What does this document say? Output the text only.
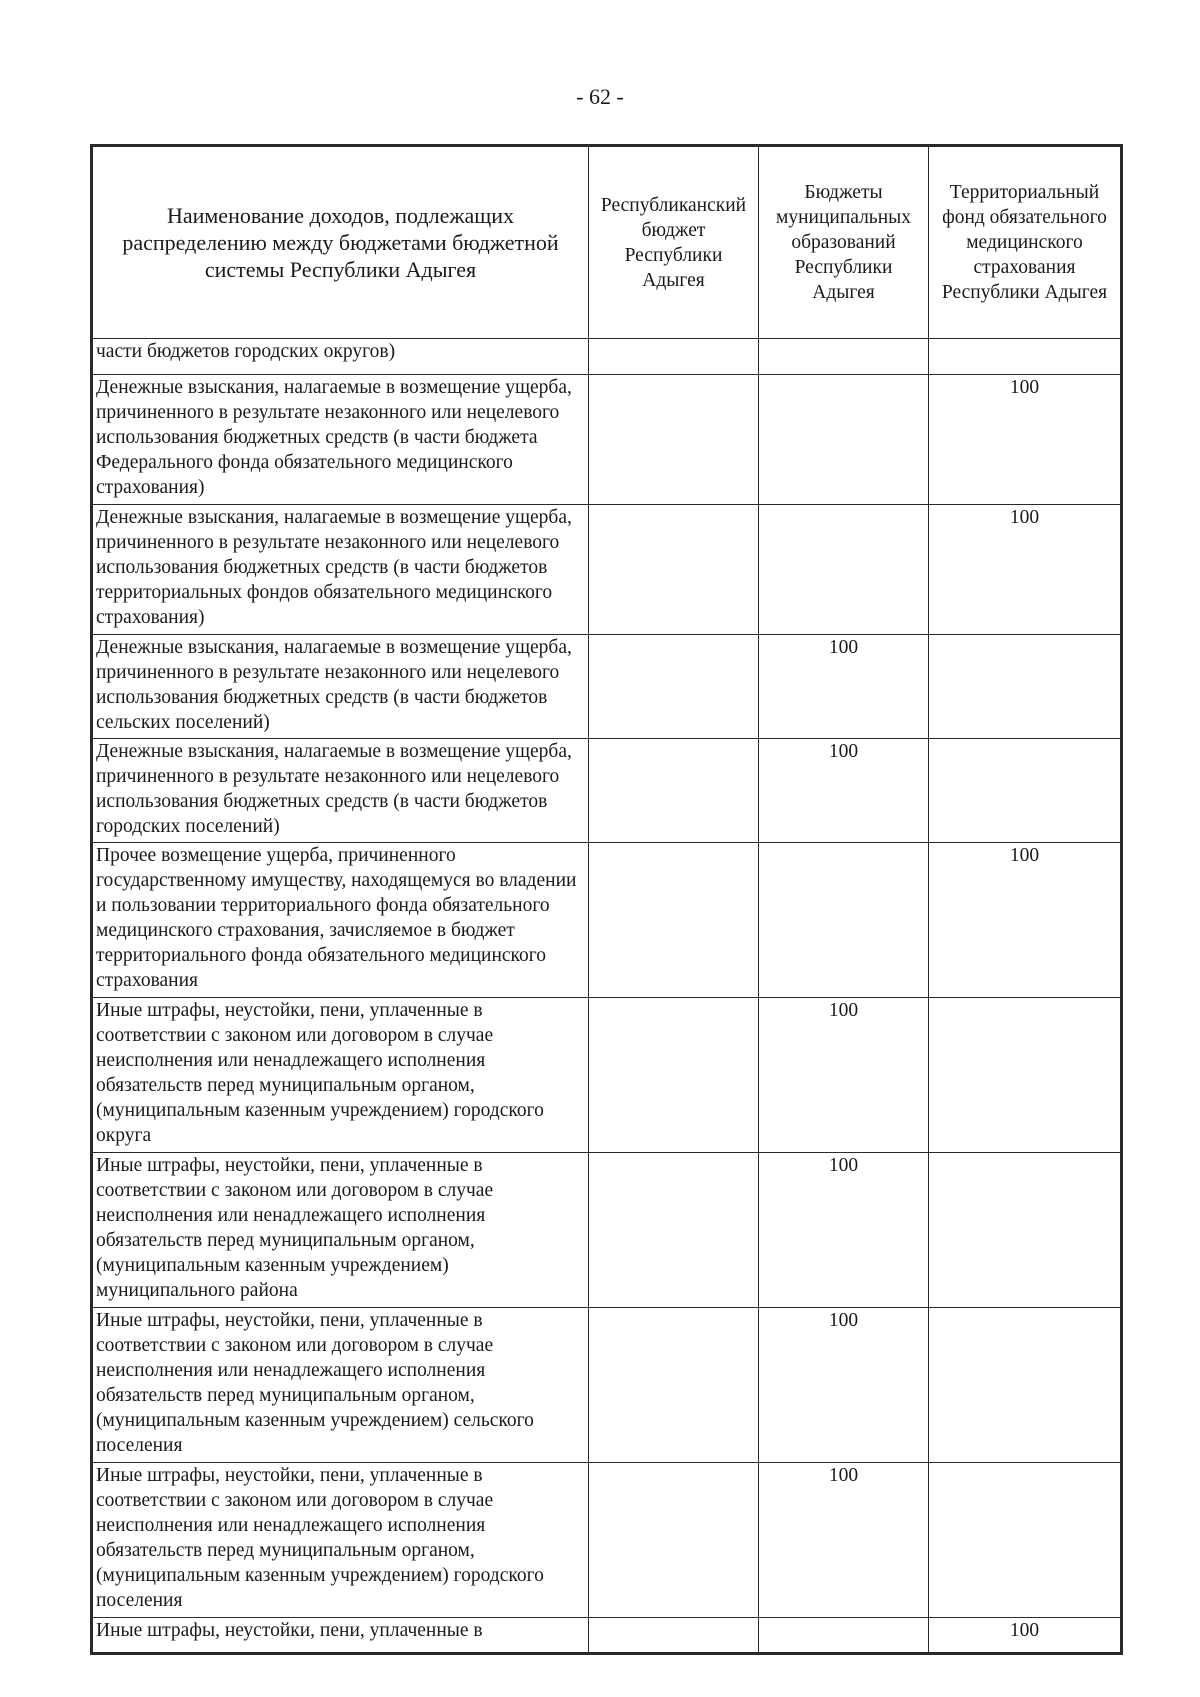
- 62 -
Наименование доходов, подлежащих распределению между бюджетами бюджетной системы Республики Адыгея	Республиканский бюджет Республики Адыгея	Бюджеты муниципальных образований Республики Адыгея	Территориальный фонд обязательного медицинского страхования Республики Адыгея
части бюджетов городских округов)			
Денежные взыскания, налагаемые в возмещение ущерба, причиненного в результате незаконного или нецелевого использования бюджетных средств (в части бюджета Федерального фонда обязательного медицинского страхования)			100
Денежные взыскания, налагаемые в возмещение ущерба, причиненного в результате незаконного или нецелевого использования бюджетных средств (в части бюджетов территориальных фондов обязательного медицинского страхования)			100
Денежные взыскания, налагаемые в возмещение ущерба, причиненного в результате незаконного или нецелевого использования бюджетных средств (в части бюджетов сельских поселений)		100	
Денежные взыскания, налагаемые в возмещение ущерба, причиненного в результате незаконного или нецелевого использования бюджетных средств (в части бюджетов городских поселений)		100	
Прочее возмещение ущерба, причиненного государственному имуществу, находящемуся во владении и пользовании территориального фонда обязательного медицинского страхования, зачисляемое в бюджет территориального фонда обязательного медицинского страхования			100
Иные штрафы, неустойки, пени, уплаченные в соответствии с законом или договором в случае неисполнения или ненадлежащего исполнения обязательств перед муниципальным органом, (муниципальным казенным учреждением) городского округа		100	
Иные штрафы, неустойки, пени, уплаченные в соответствии с законом или договором в случае неисполнения или ненадлежащего исполнения обязательств перед муниципальным органом, (муниципальным казенным учреждением) муниципального района		100	
Иные штрафы, неустойки, пени, уплаченные в соответствии с законом или договором в случае неисполнения или ненадлежащего исполнения обязательств перед муниципальным органом, (муниципальным казенным учреждением) сельского поселения		100	
Иные штрафы, неустойки, пени, уплаченные в соответствии с законом или договором в случае неисполнения или ненадлежащего исполнения обязательств перед муниципальным органом, (муниципальным казенным учреждением) городского поселения		100	
Иные штрафы, неустойки, пени, уплаченные в			100
